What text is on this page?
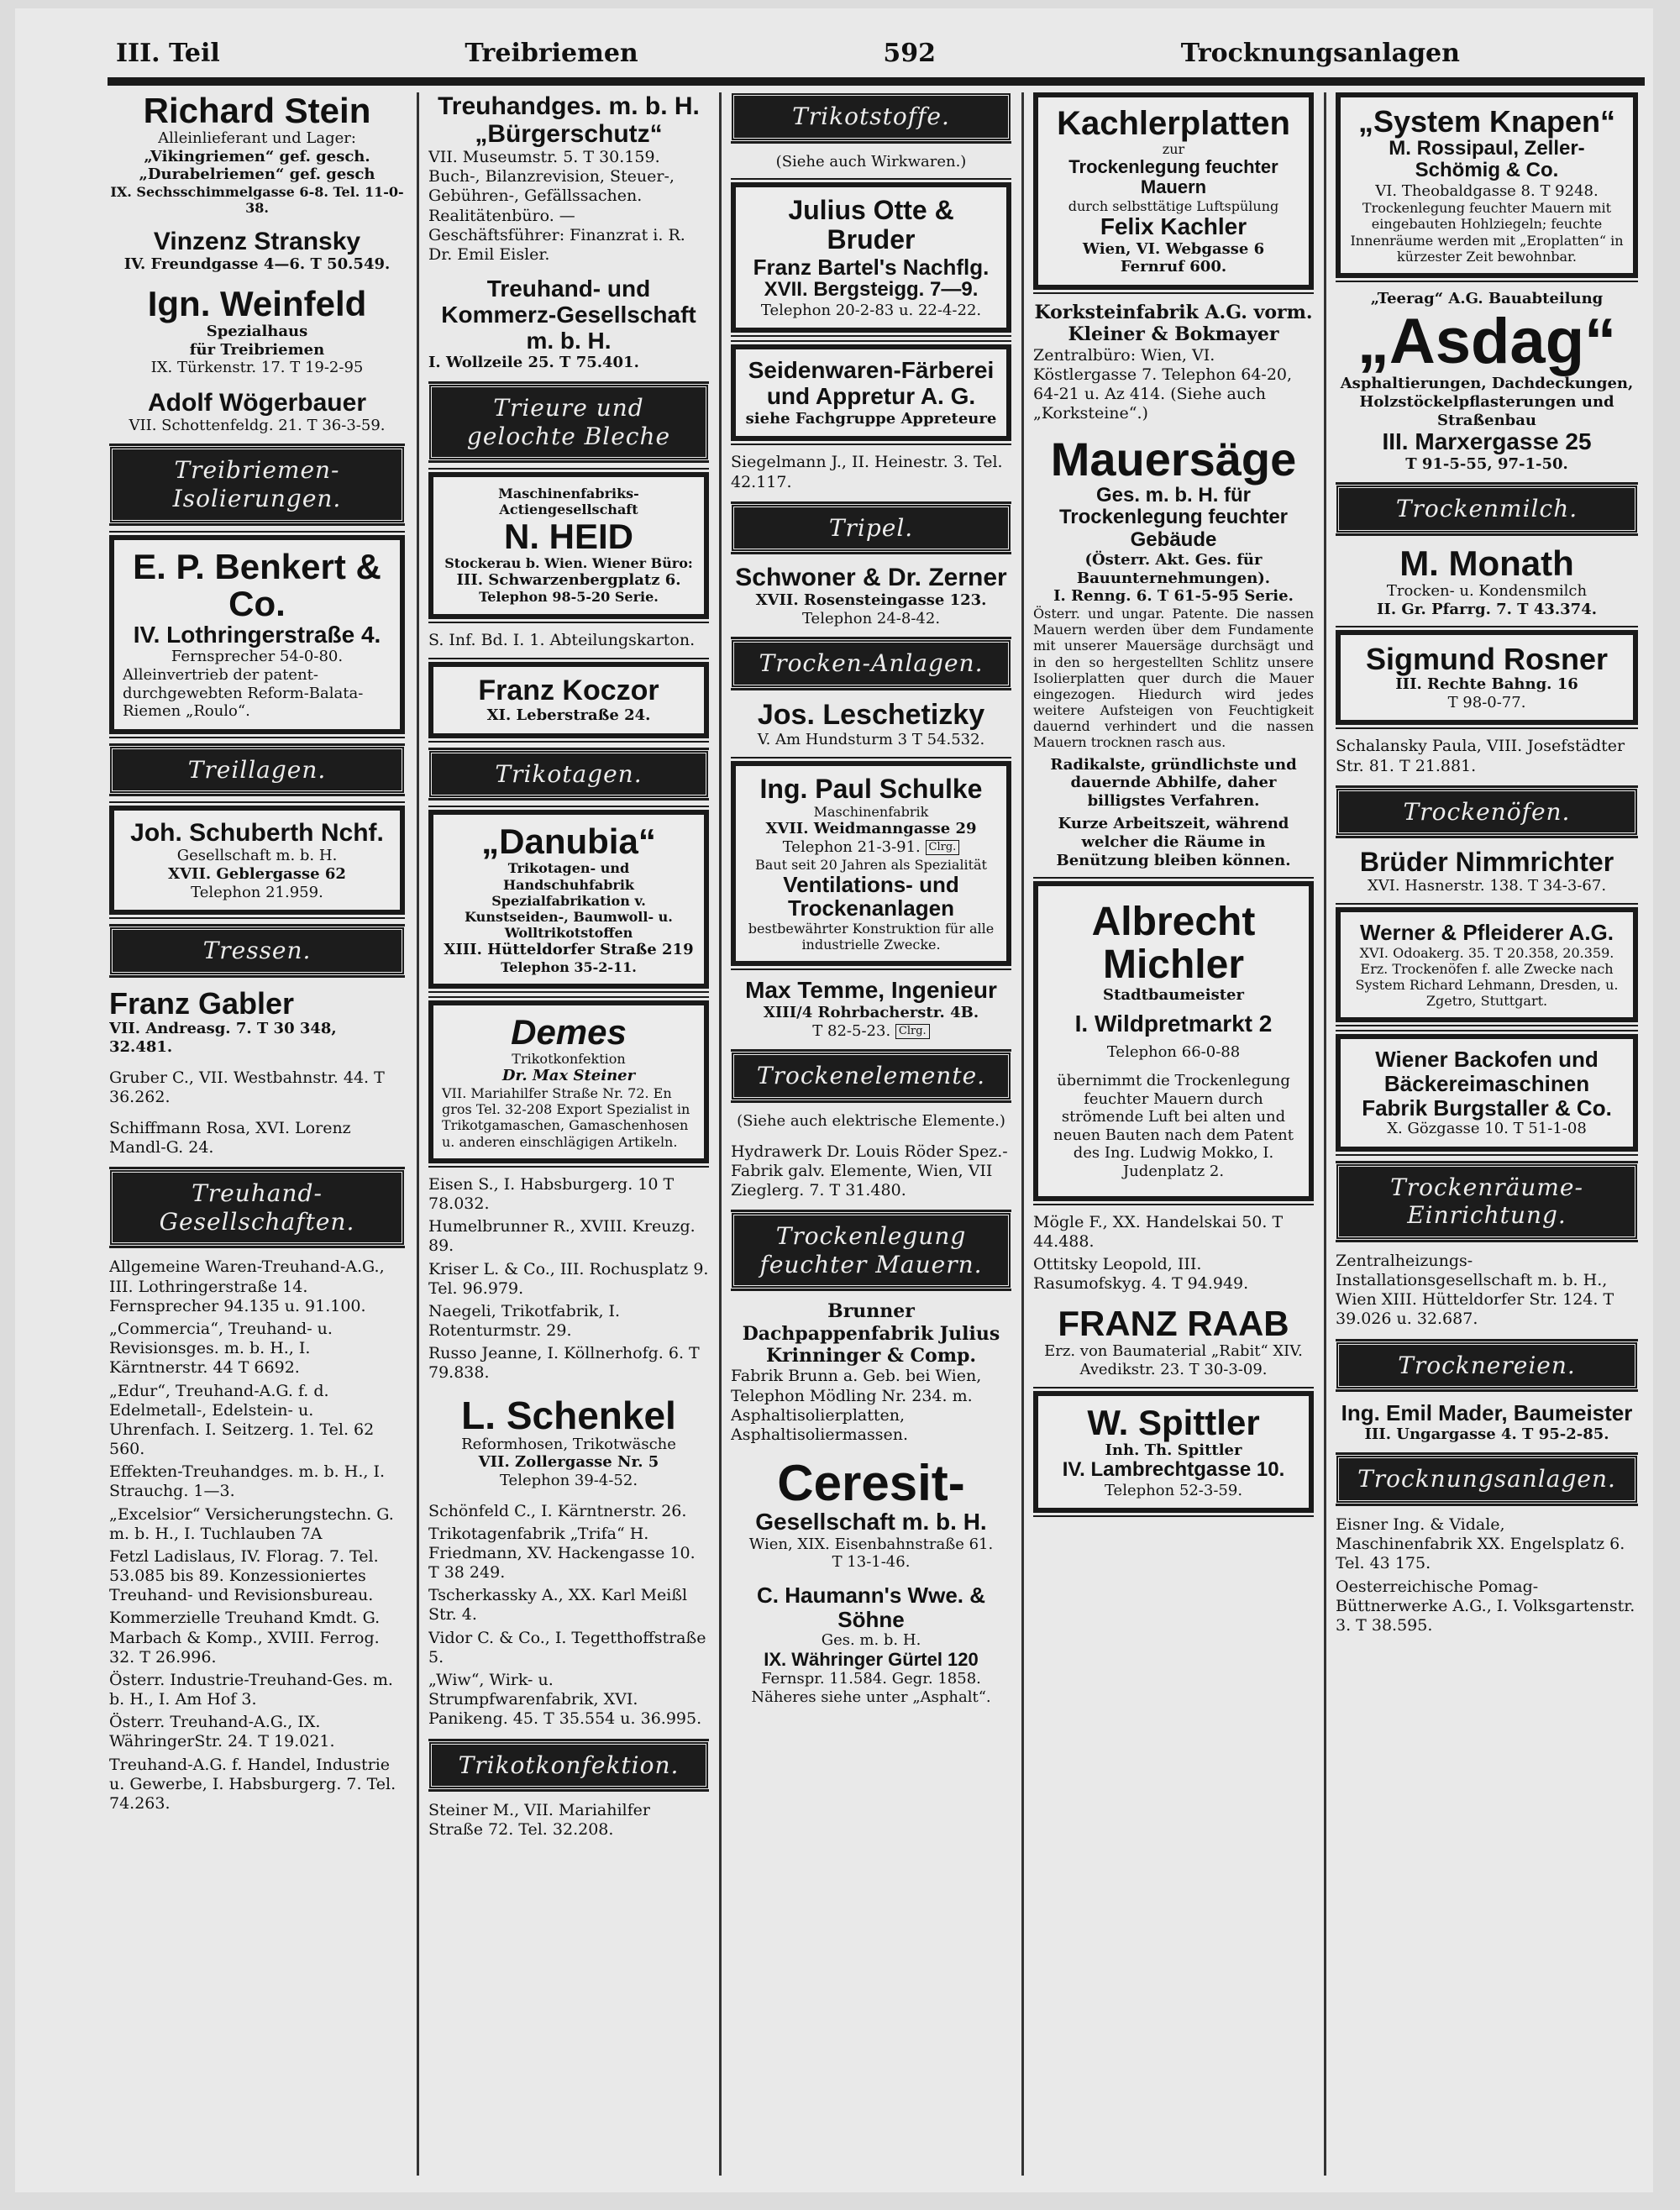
III. Teil	Treibriemen	592	Trocknungsanlagen
Richard Stein
Alleinlieferant und Lager:
„Vikingriemen“ gef. gesch.
„Durabelriemen“ gef. gesch
IX. Sechsschimmelgasse 6-8. Tel. 11-0-38.
Vinzenz Stransky
IV. Freundgasse 4—6. T 50.549.
Ign. Weinfeld
Spezialhaus
für Treibriemen
IX. Türkenstr. 17. T 19-2-95
Adolf Wögerbauer
VII. Schottenfeldg. 21. T 36-3-59.
Treibriemen-Isolierungen.
E. P. Benkert & Co.
IV. Lothringerstraße 4.
Fernsprecher 54-0-80.
Alleinvertrieb der patent-durchgewebten Reform-Balata-Riemen „Roulo“.
Treillagen.
Joh. Schuberth Nchf.
Gesellschaft m. b. H.
XVII. Geblergasse 62
Telephon 21.959.
Tressen.
Franz Gabler
VII. Andreasg. 7. T 30 348, 32.481.
Gruber C., VII. Westbahnstr. 44. T 36.262.
Schiffmann Rosa, XVI. Lorenz Mandl-G. 24.
Treuhand-Gesellschaften.
Allgemeine Waren-Treuhand-A.G., III. Lothringerstraße 14. Fernsprecher 94.135 u. 91.100.
„Commercia“, Treuhand- u. Revisionsges. m. b. H., I. Kärntnerstr. 44 T 6692.
„Edur“, Treuhand-A.G. f. d. Edelmetall-, Edelstein- u. Uhrenfach. I. Seitzerg. 1. Tel. 62 560.
Effekten-Treuhandges. m. b. H., I. Strauchg. 1—3.
„Excelsior“ Versicherungstechn. G. m. b. H., I. Tuchlauben 7A
Fetzl Ladislaus, IV. Florag. 7. Tel. 53.085 bis 89. Konzessioniertes Treuhand- und Revisionsbureau.
Kommerzielle Treuhand Kmdt. G. Marbach & Komp., XVIII. Ferrog. 32. T 26.996.
Österr. Industrie-Treuhand-Ges. m. b. H., I. Am Hof 3.
Österr. Treuhand-A.G., IX. WähringerStr. 24. T 19.021.
Treuhand-A.G. f. Handel, Industrie u. Gewerbe, I. Habsburgerg. 7. Tel. 74.263.
Treuhandges. m. b. H. „Bürgerschutz“
VII. Museumstr. 5. T 30.159. Buch-, Bilanzrevision, Steuer-, Gebühren-, Gefällssachen. Realitätenbüro. — Geschäftsführer: Finanzrat i. R. Dr. Emil Eisler.
Treuhand- und Kommerz-Gesellschaft m. b. H.
I. Wollzeile 25. T 75.401.
Trieure und gelochte Bleche
Maschinenfabriks-Actiengesellschaft
N. HEID
Stockerau b. Wien. Wiener Büro:
III. Schwarzenbergplatz 6.
Telephon 98-5-20 Serie.
S. Inf. Bd. I. 1. Abteilungskarton.
Franz Koczor
XI. Leberstraße 24.
Trikotagen.
„Danubia“
Trikotagen- und Handschuhfabrik Spezialfabrikation v. Kunstseiden-, Baumwoll- u. Wolltrikotstoffen
XIII. Hütteldorfer Straße 219
Telephon 35-2-11.
Demes
Trikotkonfektion
Dr. Max Steiner
VII. Mariahilfer Straße Nr. 72. En gros Tel. 32-208 Export Spezialist in Trikotgamaschen, Gamaschenhosen u. anderen einschlägigen Artikeln.
Eisen S., I. Habsburgerg. 10 T 78.032.
Humelbrunner R., XVIII. Kreuzg. 89.
Kriser L. & Co., III. Rochusplatz 9. Tel. 96.979.
Naegeli, Trikotfabrik, I. Rotenturmstr. 29.
Russo Jeanne, I. Köllnerhofg. 6. T 79.838.
L. Schenkel
Reformhosen, Trikotwäsche
VII. Zollergasse Nr. 5
Telephon 39-4-52.
Schönfeld C., I. Kärntnerstr. 26.
Trikotagenfabrik „Trifa“ H. Friedmann, XV. Hackengasse 10. T 38 249.
Tscherkassky A., XX. Karl Meißl Str. 4.
Vidor C. & Co., I. Tegetthoffstraße 5.
„Wiw“, Wirk- u. Strumpfwarenfabrik, XVI. Panikeng. 45. T 35.554 u. 36.995.
Trikotkonfektion.
Steiner M., VII. Mariahilfer Straße 72. Tel. 32.208.
Trikotstoffe.
(Siehe auch Wirkwaren.)
Julius Otte & Bruder
Franz Bartel's Nachflg.
XVII. Bergsteigg. 7—9.
Telephon 20-2-83 u. 22-4-22.
Seidenwaren-Färberei und Appretur A. G.
siehe Fachgruppe Appreteure
Siegelmann J., II. Heinestr. 3. Tel. 42.117.
Tripel.
Schwoner & Dr. Zerner
XVII. Rosensteingasse 123.
Telephon 24-8-42.
Trocken-Anlagen.
Jos. Leschetizky
V. Am Hundsturm 3 T 54.532.
Ing. Paul Schulke
Maschinenfabrik
XVII. Weidmanngasse 29
Telephon 21-3-91. Clrg.
Baut seit 20 Jahren als Spezialität
Ventilations- und Trockenanlagen
bestbewährter Konstruktion für alle industrielle Zwecke.
Max Temme, Ingenieur
XIII/4 Rohrbacherstr. 4B.
T 82-5-23. Clrg.
Trockenelemente.
(Siehe auch elektrische Elemente.)
Hydrawerk Dr. Louis Röder Spez.-Fabrik galv. Elemente, Wien, VII Zieglerg. 7. T 31.480.
Trockenlegung feuchter Mauern.
Brunner Dachpappenfabrik Julius Krinninger & Comp.
Fabrik Brunn a. Geb. bei Wien, Telephon Mödling Nr. 234. m. Asphaltisolierplatten, Asphaltisoliermassen.
Ceresit-
Gesellschaft m. b. H.
Wien, XIX. Eisenbahnstraße 61.
T 13-1-46.
C. Haumann's Wwe. & Söhne
Ges. m. b. H.
IX. Währinger Gürtel 120
Fernspr. 11.584. Gegr. 1858. Näheres siehe unter „Asphalt“.
Kachlerplatten
zur
Trockenlegung feuchter Mauern
durch selbsttätige Luftspülung
Felix Kachler
Wien, VI. Webgasse 6
Fernruf 600.
Korksteinfabrik A.G. vorm. Kleiner & Bokmayer
Zentralbüro: Wien, VI. Köstlergasse 7. Telephon 64-20, 64-21 u. Az 414. (Siehe auch „Korksteine“.)
Mauersäge
Ges. m. b. H. für Trockenlegung feuchter Gebäude
(Österr. Akt. Ges. für Bauunternehmungen).
I. Renng. 6. T 61-5-95 Serie.
Österr. und ungar. Patente. Die nassen Mauern werden über dem Fundamente mit unserer Mauersäge durchsägt und in den so hergestellten Schlitz unsere Isolierplatten quer durch die Mauer eingezogen. Hiedurch wird jedes weitere Aufsteigen von Feuchtigkeit dauernd verhindert und die nassen Mauern trocknen rasch aus.
Radikalste, gründlichste und dauernde Abhilfe, daher billigstes Verfahren.
Kurze Arbeitszeit, während welcher die Räume in Benützung bleiben können.
Albrecht Michler
Stadtbaumeister
I. Wildpretmarkt 2
Telephon 66-0-88
übernimmt die Trockenlegung feuchter Mauern durch strömende Luft bei alten und neuen Bauten nach dem Patent des Ing. Ludwig Mokko, I. Judenplatz 2.
Mögle F., XX. Handelskai 50. T 44.488.
Ottitsky Leopold, III. Rasumofskyg. 4. T 94.949.
FRANZ RAAB
Erz. von Baumaterial „Rabit“ XIV. Avedikstr. 23. T 30-3-09.
W. Spittler
Inh. Th. Spittler
IV. Lambrechtgasse 10.
Telephon 52-3-59.
„System Knapen“
M. Rossipaul, Zeller-Schömig & Co.
VI. Theobaldgasse 8. T 9248.
Trockenlegung feuchter Mauern mit eingebauten Hohlziegeln; feuchte Innenräume werden mit „Eroplatten“ in kürzester Zeit bewohnbar.
„Teerag“ A.G. Bauabteilung
„Asdag“
Asphaltierungen, Dachdeckungen, Holzstöckelpflasterungen und Straßenbau
III. Marxergasse 25
T 91-5-55, 97-1-50.
Trockenmilch.
M. Monath
Trocken- u. Kondensmilch
II. Gr. Pfarrg. 7. T 43.374.
Sigmund Rosner
III. Rechte Bahng. 16
T 98-0-77.
Schalansky Paula, VIII. Josefstädter Str. 81. T 21.881.
Trockenöfen.
Brüder Nimmrichter
XVI. Hasnerstr. 138. T 34-3-67.
Werner & Pfleiderer A.G.
XVI. Odoakerg. 35. T 20.358, 20.359. Erz. Trockenöfen f. alle Zwecke nach System Richard Lehmann, Dresden, u. Zgetro, Stuttgart.
Wiener Backofen und Bäckereimaschinen Fabrik Burgstaller & Co.
X. Gözgasse 10. T 51-1-08
Trockenräume-Einrichtung.
Zentralheizungs-Installationsgesellschaft m. b. H., Wien XIII. Hütteldorfer Str. 124. T 39.026 u. 32.687.
Trocknereien.
Ing. Emil Mader, Baumeister
III. Ungargasse 4. T 95-2-85.
Trocknungsanlagen.
Eisner Ing. & Vidale, Maschinenfabrik XX. Engelsplatz 6. Tel. 43 175.
Oesterreichische Pomag-Büttnerwerke A.G., I. Volksgartenstr. 3. T 38.595.
